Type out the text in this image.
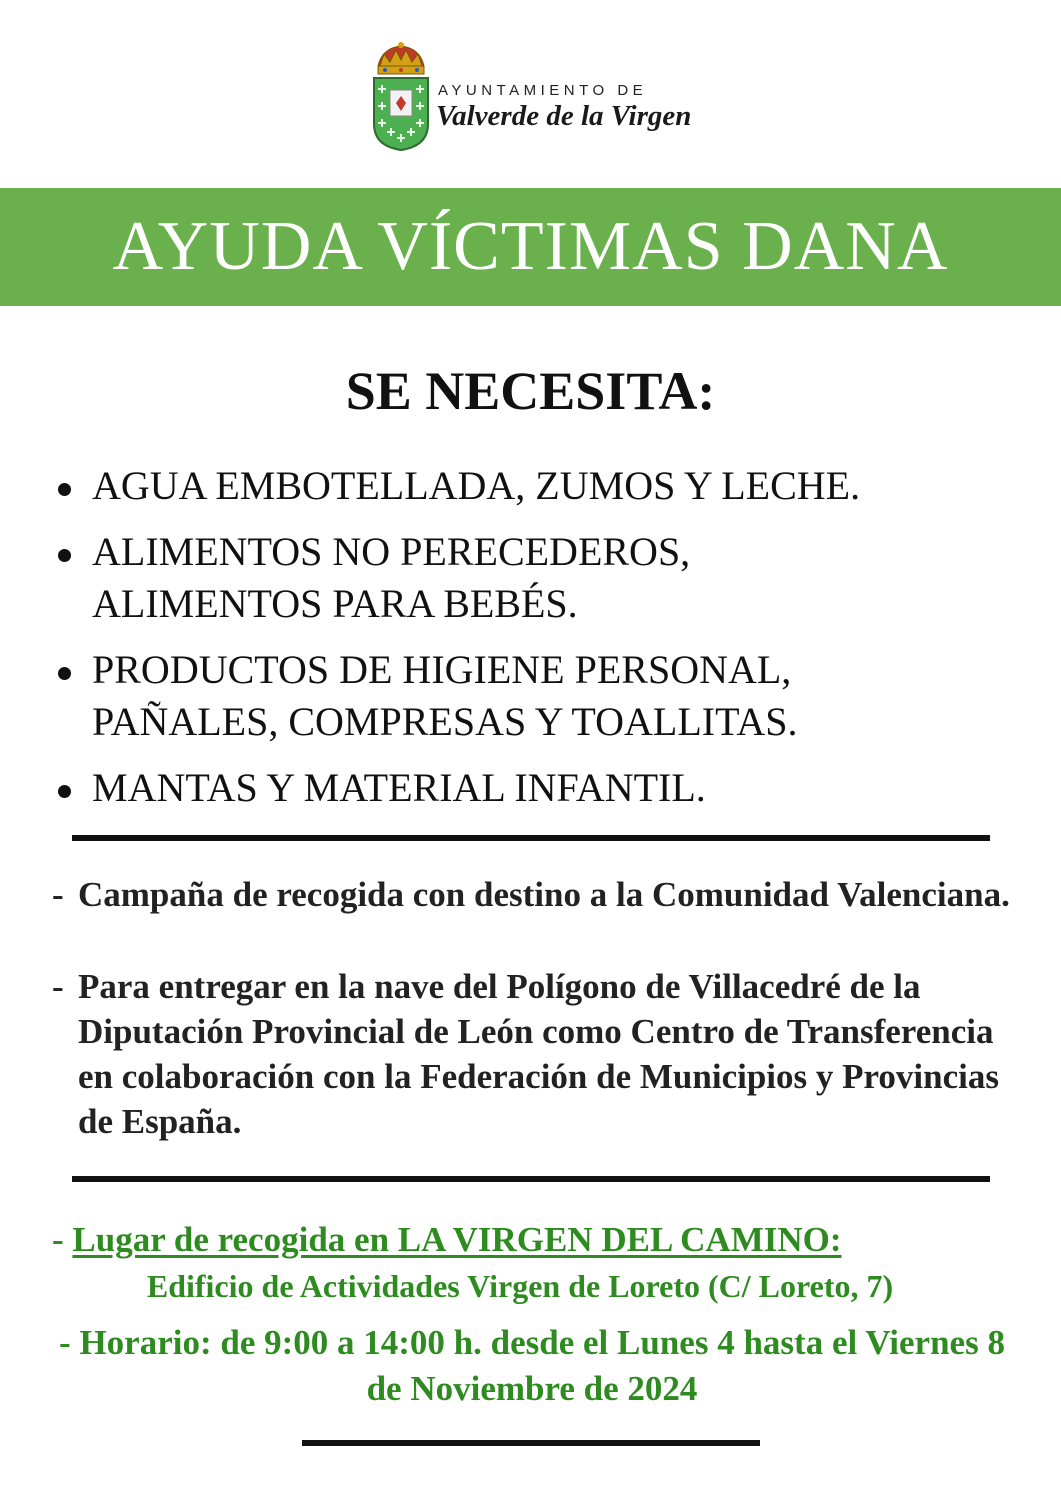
AYUNTAMIENTO DE
Valverde de la Virgen
AYUDA VÍCTIMAS DANA
SE NECESITA:
AGUA EMBOTELLADA, ZUMOS Y LECHE.
ALIMENTOS NO PERECEDEROS,
ALIMENTOS PARA BEBÉS.
PRODUCTOS DE HIGIENE PERSONAL,
PAÑALES, COMPRESAS Y TOALLITAS.
MANTAS Y MATERIAL INFANTIL.
- Campaña de recogida con destino a la Comunidad Valenciana.
- Para entregar en la nave del Polígono de Villacedré de la Diputación Provincial de León como Centro de Transferencia en colaboración con la Federación de Municipios y Provincias de España.
- Lugar de recogida en LA VIRGEN DEL CAMINO:
Edificio de Actividades Virgen de Loreto (C/ Loreto, 7)
- Horario: de 9:00 a 14:00 h. desde el Lunes 4 hasta el Viernes 8 de Noviembre de 2024
